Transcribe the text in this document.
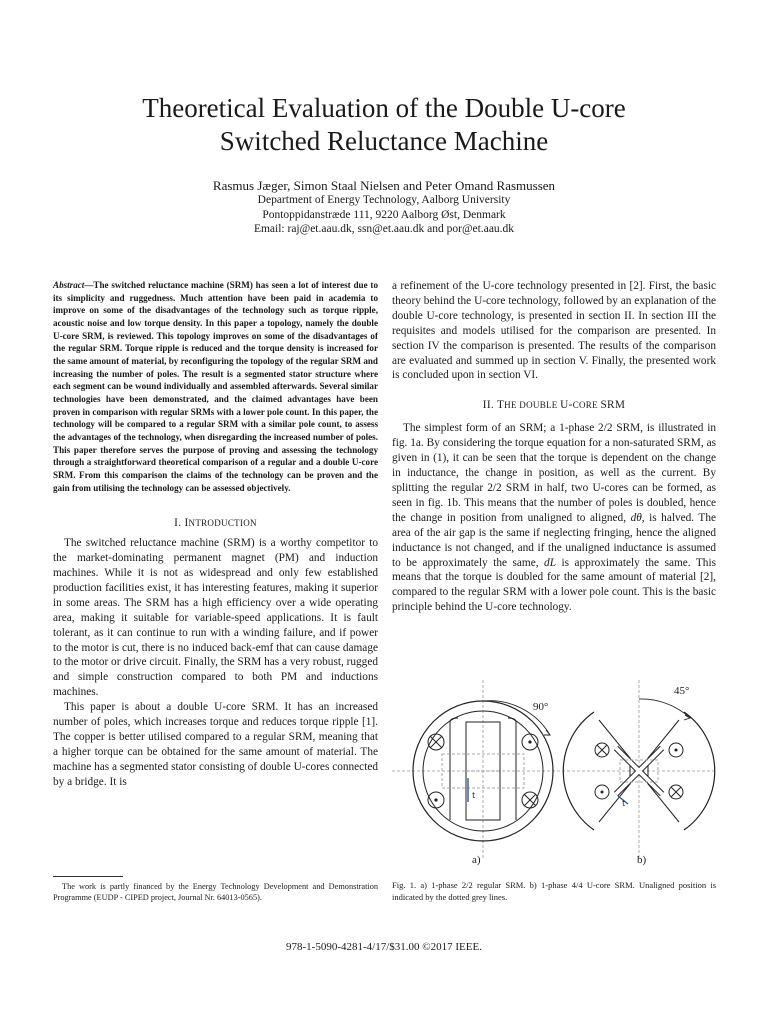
Theoretical Evaluation of the Double U-core
Switched Reluctance Machine
Rasmus Jæger, Simon Staal Nielsen and Peter Omand Rasmussen
Department of Energy Technology, Aalborg University
Pontoppidanstræde 111, 9220 Aalborg Øst, Denmark
Email: raj@et.aau.dk, ssn@et.aau.dk and por@et.aau.dk

Abstract—The switched reluctance machine (SRM) has seen a lot of interest due to its simplicity and ruggedness. Much attention have been paid in academia to improve on some of the disadvantages of the technology such as torque ripple, acoustic noise and low torque density. In this paper a topology, namely the double U-core SRM, is reviewed. This topology improves on some of the disadvantages of the regular SRM. Torque ripple is reduced and the torque density is increased for the same amount of material, by reconfiguring the topology of the regular SRM and increasing the number of poles. The result is a segmented stator structure where each segment can be wound individually and assembled afterwards. Several similar technologies have been demonstrated, and the claimed advantages have been proven in comparison with regular SRMs with a lower pole count. In this paper, the technology will be compared to a regular SRM with a similar pole count, to assess the advantages of the technology, when disregarding the increased number of poles. This paper therefore serves the purpose of proving and assessing the technology through a straightforward theoretical comparison of a regular and a double U-core SRM. From this comparison the claims of the technology can be proven and the gain from utilising the technology can be assessed objectively.

I. INTRODUCTION

The switched reluctance machine (SRM) is a worthy competitor to the market-dominating permanent magnet (PM) and induction machines. While it is not as widespread and only few established production facilities exist, it has interesting features, making it superior in some areas. The SRM has a high efficiency over a wide operating area, making it suitable for variable-speed applications. It is fault tolerant, as it can continue to run with a winding failure, and if power to the motor is cut, there is no induced back-emf that can cause damage to the motor or drive circuit. Finally, the SRM has a very robust, rugged and simple construction compared to both PM and inductions machines.

This paper is about a double U-core SRM. It has an increased number of poles, which increases torque and reduces torque ripple [1]. The copper is better utilised compared to a regular SRM, meaning that a higher torque can be obtained for the same amount of material. The machine has a segmented stator consisting of double U-cores connected by a bridge. It is

a refinement of the U-core technology presented in [2]. First, the basic theory behind the U-core technology, followed by an explanation of the double U-core technology, is presented in section II. In section III the requisites and models utilised for the comparison are presented. In section IV the comparison is presented. The results of the comparison are evaluated and summed up in section V. Finally, the presented work is concluded upon in section VI.

II. THE DOUBLE U-CORE SRM

The simplest form of an SRM; a 1-phase 2/2 SRM, is illustrated in fig. 1a. By considering the torque equation for a non-saturated SRM, as given in (1), it can be seen that the torque is dependent on the change in inductance, the change in position, as well as the current. By splitting the regular 2/2 SRM in half, two U-cores can be formed, as seen in fig. 1b. This means that the number of poles is doubled, hence the change in position from unaligned to aligned, dθ, is halved. The area of the air gap is the same if neglecting fringing, hence the aligned inductance is not changed, and if the unaligned inductance is assumed to be approximately the same, dL is approximately the same. This means that the torque is doubled for the same amount of material [2], compared to the regular SRM with a lower pole count. This is the basic principle behind the U-core technology.

t
90°
t
45°
a)	b)
Fig. 1. a) 1-phase 2/2 regular SRM. b) 1-phase 4/4 U-core SRM. Unaligned position is indicated by the dotted grey lines.
The work is partly financed by the Energy Technology Development and Demonstration Programme (EUDP - CIPED project, Journal Nr. 64013-0565).
978-1-5090-4281-4/17/$31.00 ©2017 IEEE.
